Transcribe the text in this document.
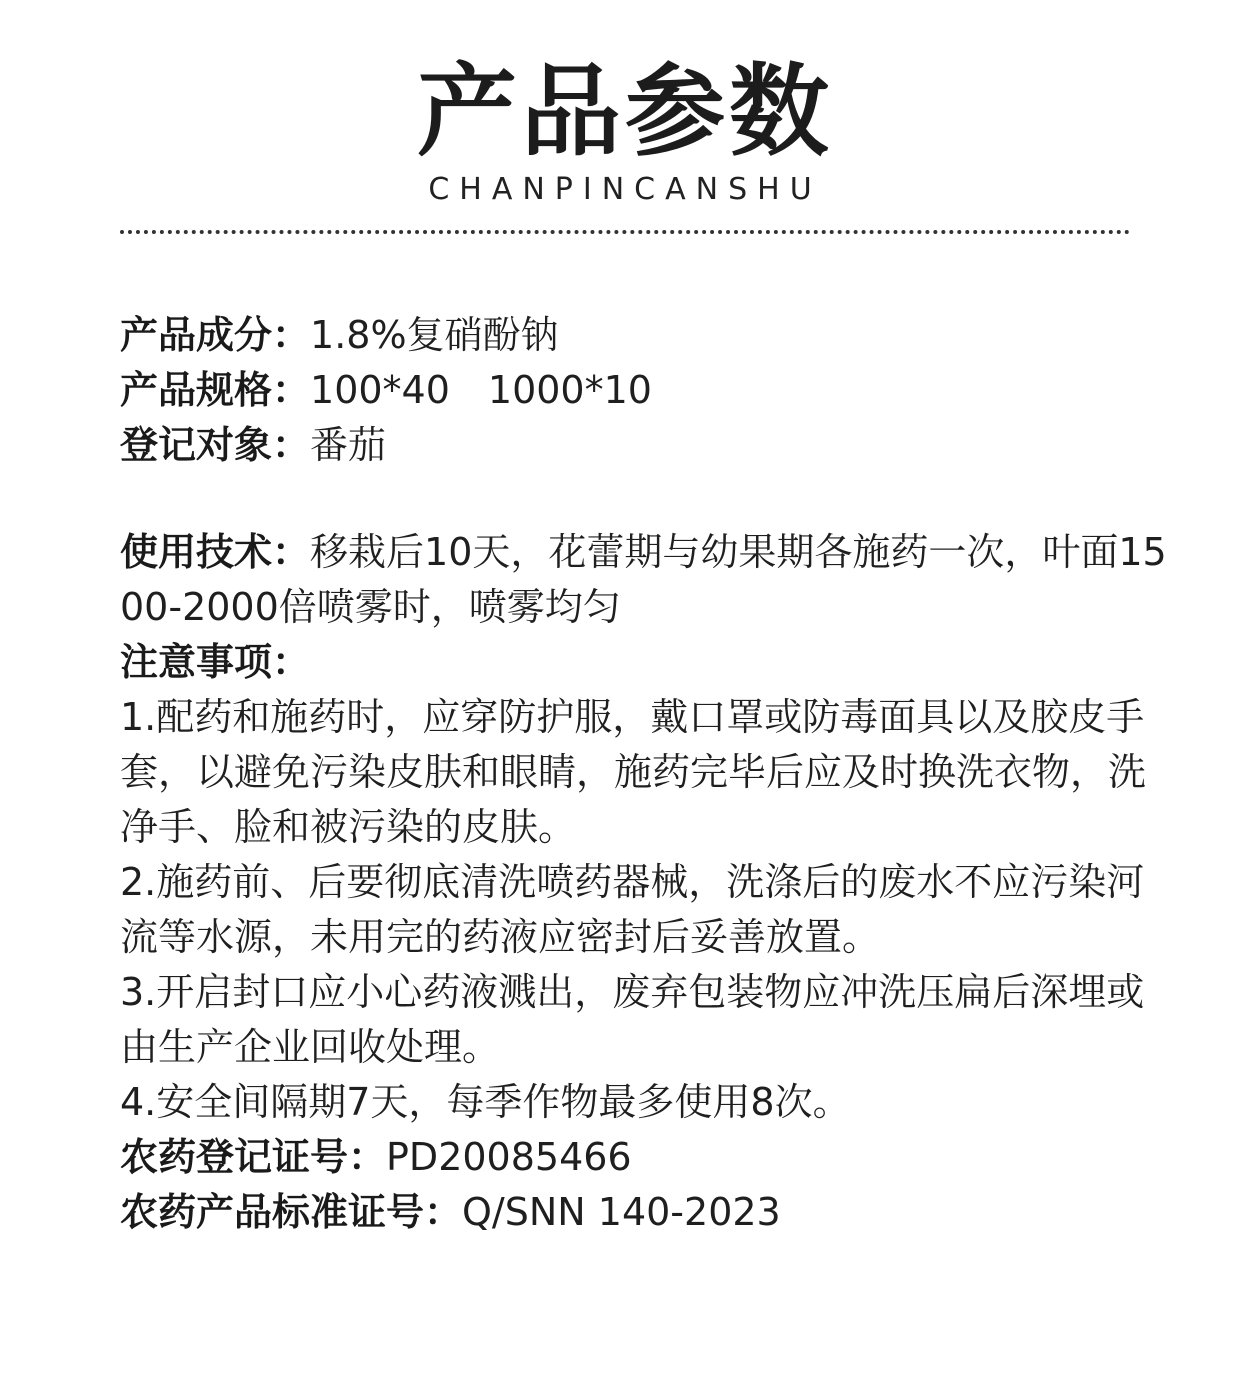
产品参数
CHANPINCANSHU
产品成分：1.8%复硝酚钠
产品规格：100*40　1000*10
登记对象：番茄
使用技术：移栽后10天，花蕾期与幼果期各施药一次，叶面1500-2000倍喷雾时，喷雾均匀
注意事项：
1.配药和施药时，应穿防护服，戴口罩或防毒面具以及胶皮手套，以避免污染皮肤和眼睛，施药完毕后应及时换洗衣物，洗净手、脸和被污染的皮肤。
2.施药前、后要彻底清洗喷药器械，洗涤后的废水不应污染河流等水源，未用完的药液应密封后妥善放置。
3.开启封口应小心药液溅出，废弃包装物应冲洗压扁后深埋或由生产企业回收处理。
4.安全间隔期7天，每季作物最多使用8次。
农药登记证号：PD20085466
农药产品标准证号：Q/SNN 140-2023
